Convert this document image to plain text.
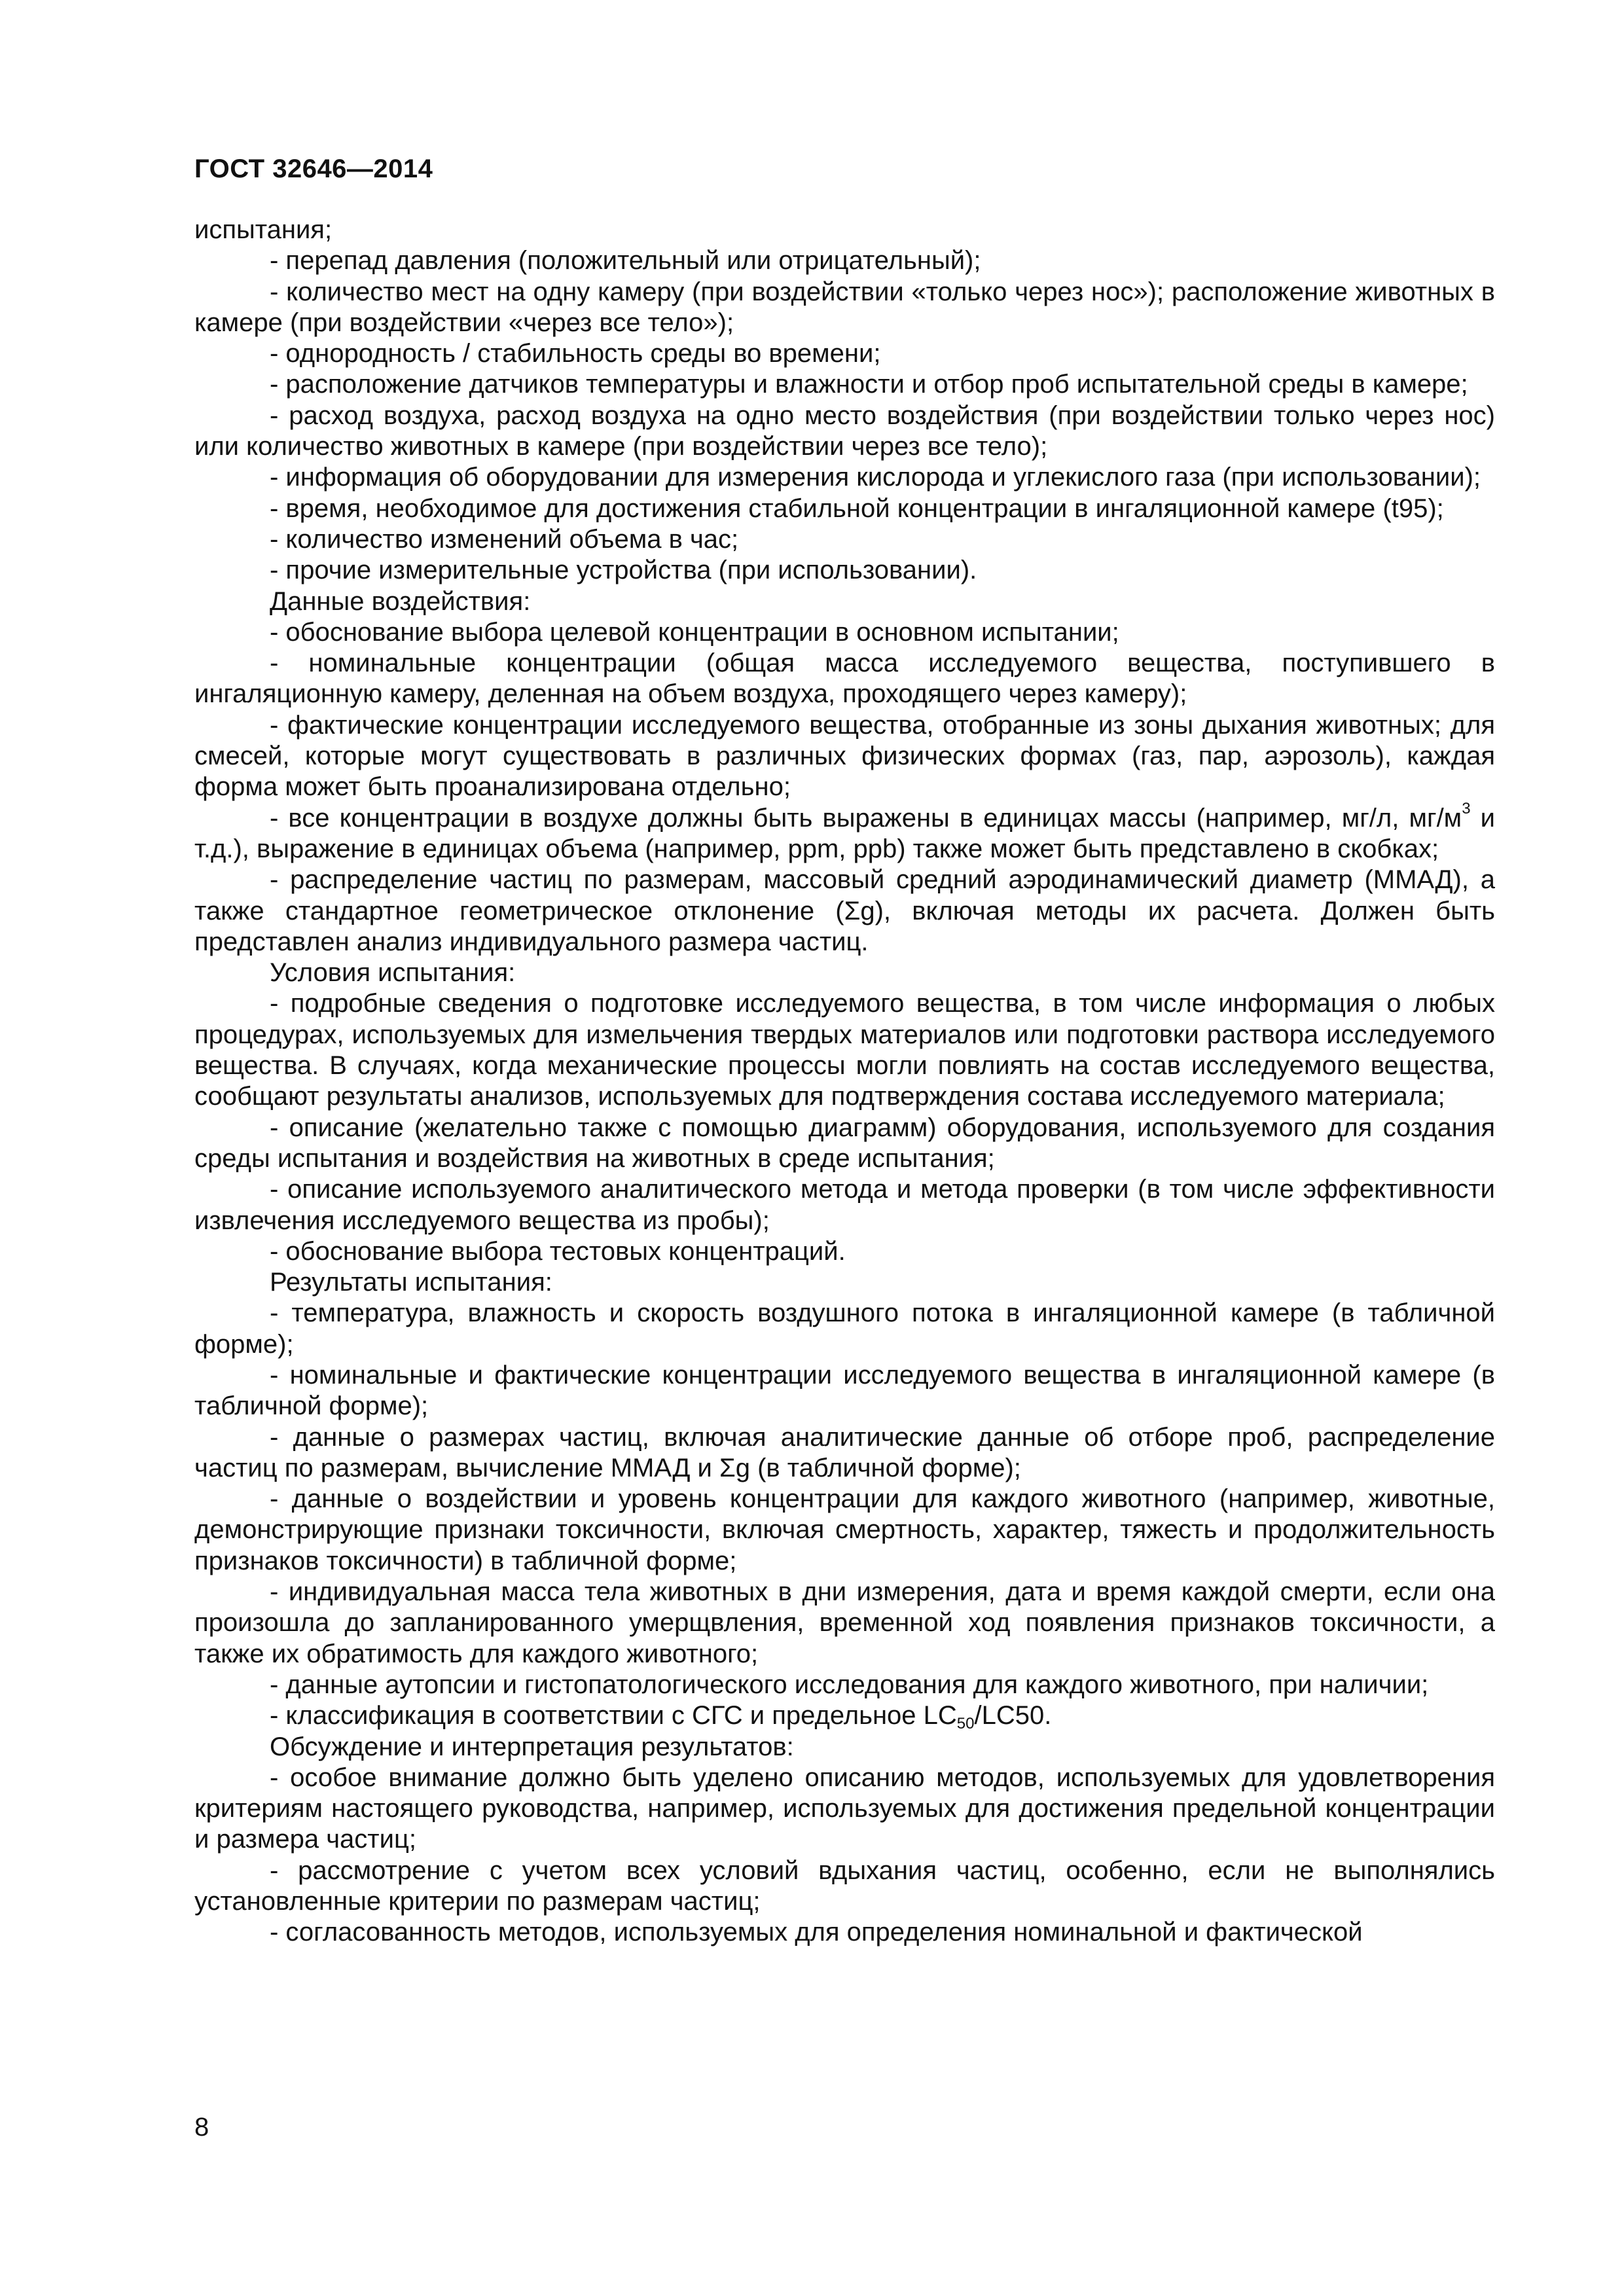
ГОСТ 32646—2014

испытания;

- перепад давления (положительный или отрицательный);

- количество мест на одну камеру (при воздействии «только через нос»); расположение животных в камере (при воздействии «через все тело»);

- однородность / стабильность среды во времени;

- расположение датчиков температуры и влажности и отбор проб испытательной среды в камере;

- расход воздуха, расход воздуха на одно место воздействия (при воздействии только через нос) или количество животных в камере (при воздействии через все тело);

- информация об оборудовании для измерения кислорода и углекислого газа (при использовании);

- время, необходимое для достижения стабильной концентрации в ингаляционной камере (t95);

- количество изменений объема в час;

- прочие измерительные устройства (при использовании).

Данные воздействия:

- обоснование выбора целевой концентрации в основном испытании;

- номинальные концентрации (общая масса исследуемого вещества, поступившего в ингаляционную камеру, деленная на объем воздуха, проходящего через камеру);

- фактические концентрации исследуемого вещества, отобранные из зоны дыхания животных; для смесей, которые могут существовать в различных физических формах (газ, пар, аэрозоль), каждая форма может быть проанализирована отдельно;

- все концентрации в воздухе должны быть выражены в единицах массы (например, мг/л, $мг/м^3$ и т.д.), выражение в единицах объема (например, ppm, ppb) также может быть представлено в скобках;

- распределение частиц по размерам, массовый средний аэродинамический диаметр (ММАД), а также стандартное геометрическое отклонение (Σg), включая методы их расчета. Должен быть представлен анализ индивидуального размера частиц.

Условия испытания:

- подробные сведения о подготовке исследуемого вещества, в том числе информация о любых процедурах, используемых для измельчения твердых материалов или подготовки раствора исследуемого вещества. В случаях, когда механические процессы могли повлиять на состав исследуемого вещества, сообщают результаты анализов, используемых для подтверждения состава исследуемого материала;

- описание (желательно также с помощью диаграмм) оборудования, используемого для создания среды испытания и воздействия на животных в среде испытания;

- описание используемого аналитического метода и метода проверки (в том числе эффективности извлечения исследуемого вещества из пробы);

- обоснование выбора тестовых концентраций.

Результаты испытания:

- температура, влажность и скорость воздушного потока в ингаляционной камере (в табличной форме);

- номинальные и фактические концентрации исследуемого вещества в ингаляционной камере (в табличной форме);

- данные о размерах частиц, включая аналитические данные об отборе проб, распределение частиц по размерам, вычисление ММАД и Σg (в табличной форме);

- данные о воздействии и уровень концентрации для каждого животного (например, животные, демонстрирующие признаки токсичности, включая смертность, характер, тяжесть и продолжительность признаков токсичности) в табличной форме;

- индивидуальная масса тела животных в дни измерения, дата и время каждой смерти, если она произошла до запланированного умерщвления, временной ход появления признаков токсичности, а также их обратимость для каждого животного;

- данные аутопсии и гистопатологического исследования для каждого животного, при наличии;

- классификация в соответствии с СГС и предельное $LC_{50}/LC50$.

Обсуждение и интерпретация результатов:

- особое внимание должно быть уделено описанию методов, используемых для удовлетворения критериям настоящего руководства, например, используемых для достижения предельной концентрации и размера частиц;

- рассмотрение с учетом всех условий вдыхания частиц, особенно, если не выполнялись установленные критерии по размерам частиц;

- согласованность методов, используемых для определения номинальной и фактической

8
